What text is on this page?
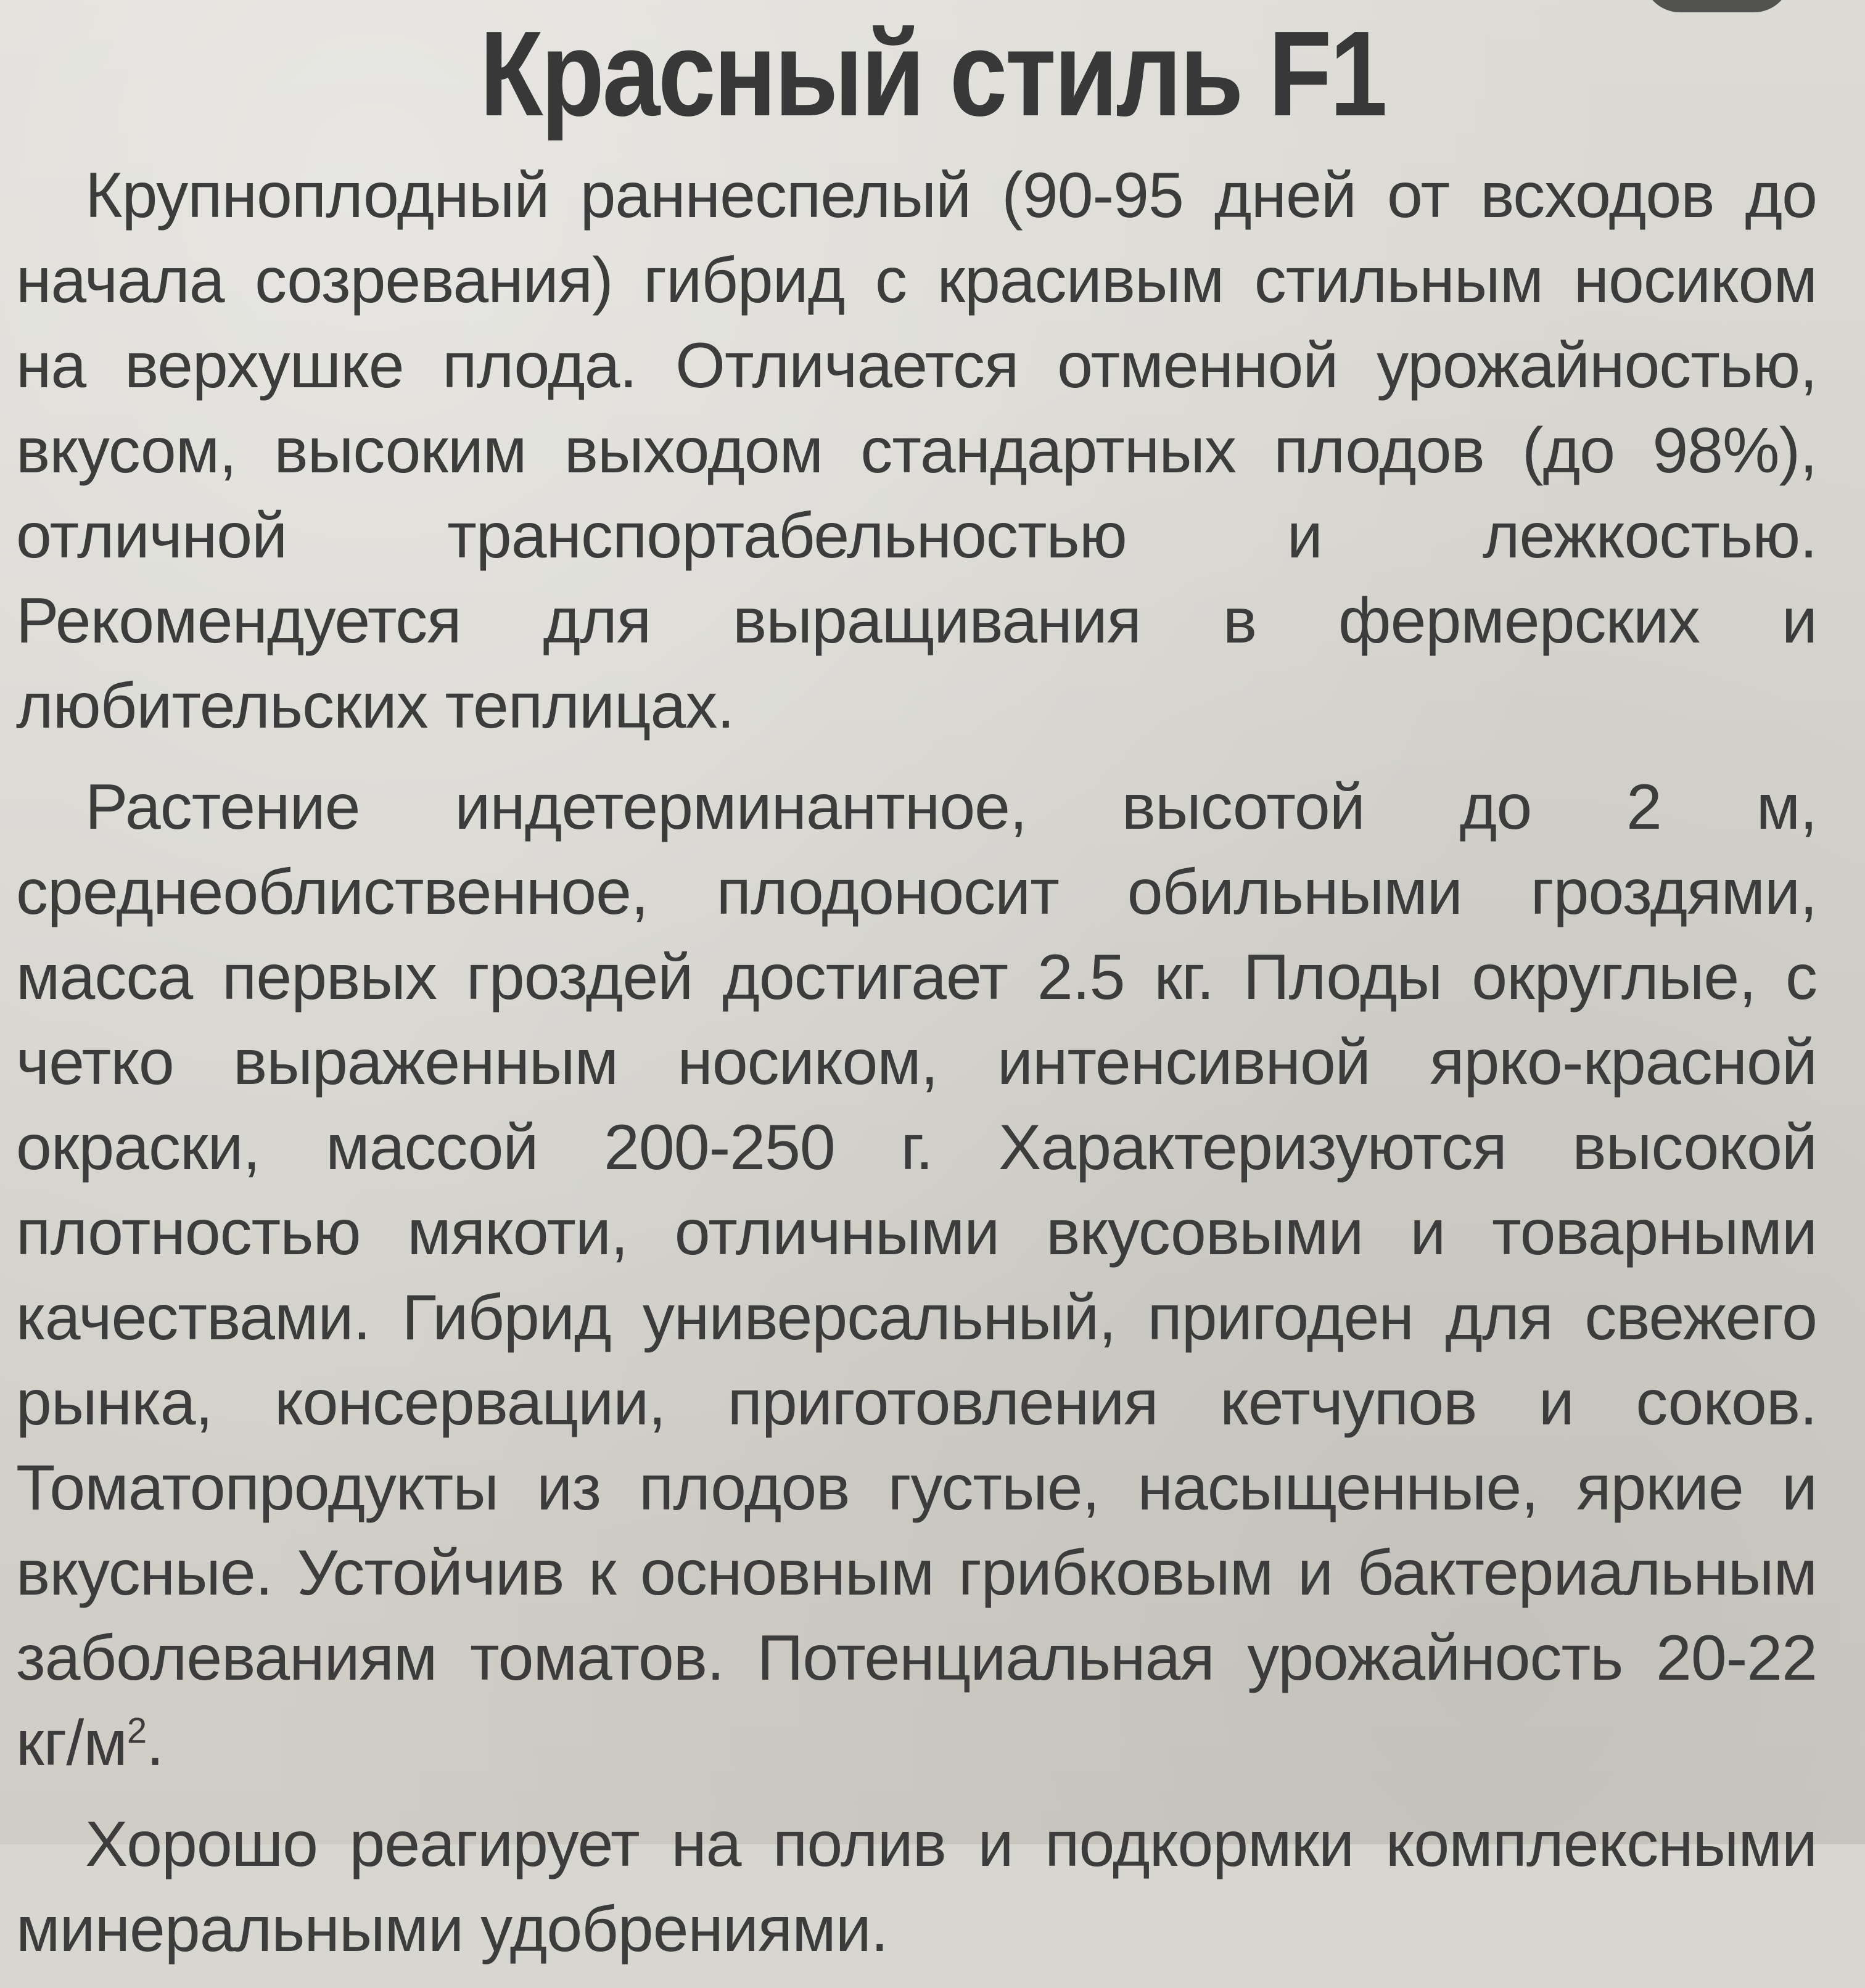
Красный стиль F1

Крупноплодный раннеспелый (90-95 дней от всходов до начала созревания) гибрид с красивым стильным носиком на верхушке плода. Отличается отменной урожайностью, вкусом, высоким выходом стандартных плодов (до 98%), отличной транспортабельностью и лежкостью. Рекомендуется для выращивания в фермерских и любительских теплицах.

Растение индетерминантное, высотой до 2 м, среднеоблиственное, плодоносит обильными гроздями, масса первых гроздей достигает 2.5 кг. Плоды округлые, с четко выраженным носиком, интенсивной ярко-красной окраски, массой 200-250 г. Характеризуются высокой плотностью мякоти, отличными вкусовыми и товарными качествами. Гибрид универсальный, пригоден для свежего рынка, консервации, приготовления кетчупов и соков. Томатопродукты из плодов густые, насыщенные, яркие и вкусные. Устойчив к основным грибковым и бактериальным заболеваниям томатов. Потенциальная урожайность 20-22 $кг/м^2$.

Хорошо реагирует на полив и подкормки комплексными минеральными удобрениями.
